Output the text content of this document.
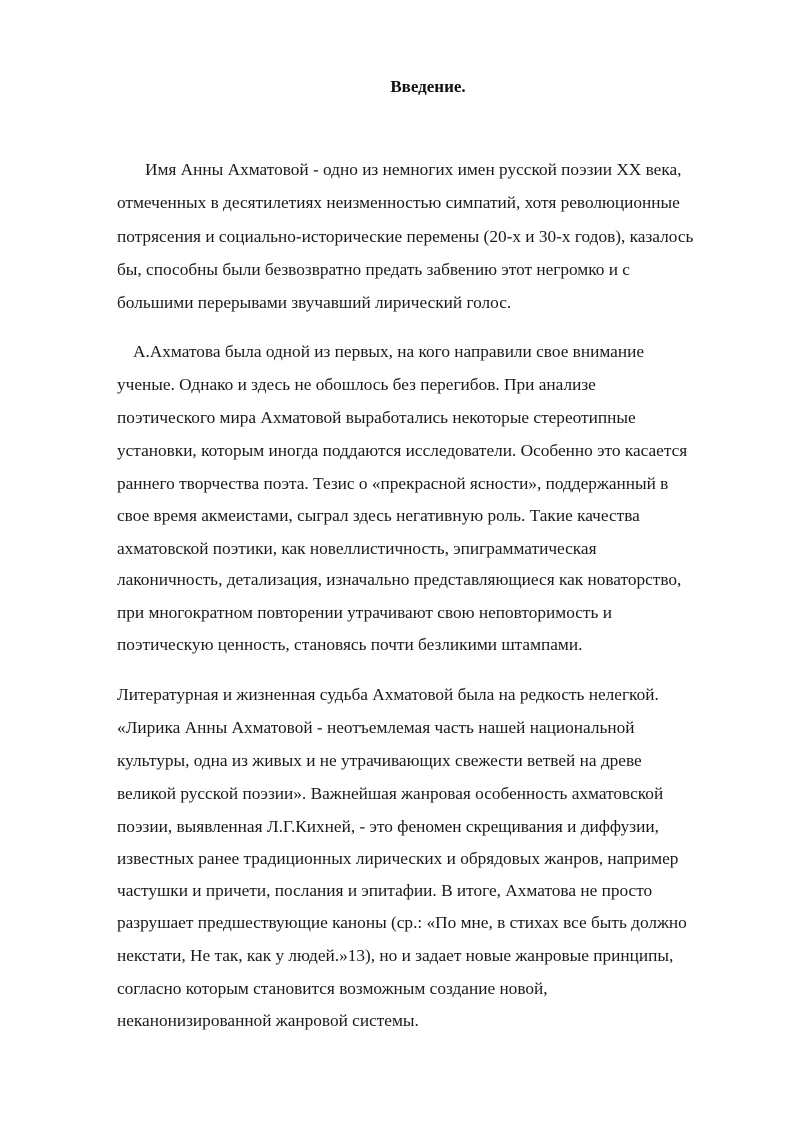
Введение.
Имя Анны Ахматовой - одно из немногих имен русской поэзии XX века,
отмеченных в десятилетиях неизменностью симпатий, хотя революционные
потрясения и социально-исторические перемены (20-х и 30-х годов), казалось
бы, способны были безвозвратно предать забвению этот негромко и с
большими перерывами звучавший лирический голос.
А.Ахматова была одной из первых, на кого направили свое внимание
ученые. Однако и здесь не обошлось без перегибов. При анализе
поэтического мира Ахматовой выработались некоторые стереотипные
установки, которым иногда поддаются исследователи. Особенно это касается
раннего творчества поэта. Тезис о «прекрасной ясности», поддержанный в
свое время акмеистами, сыграл здесь негативную роль. Такие качества
ахматовской поэтики, как новеллистичность, эпиграмматическая
лаконичность, детализация, изначально представляющиеся как новаторство,
при многократном повторении утрачивают свою неповторимость и
поэтическую ценность, становясь почти безликими штампами.
Литературная и жизненная судьба Ахматовой была на редкость нелегкой.
«Лирика Анны Ахматовой - неотъемлемая часть нашей национальной
культуры, одна из живых и не утрачивающих свежести ветвей на древе
великой русской поэзии». Важнейшая жанровая особенность ахматовской
поэзии, выявленная Л.Г.Кихней, - это феномен скрещивания и диффузии,
известных ранее традиционных лирических и обрядовых жанров, например
частушки и причети, послания и эпитафии. В итоге, Ахматова не просто
разрушает предшествующие каноны (ср.: «По мне, в стихах все быть должно
некстати, Не так, как у людей.»13), но и задает новые жанровые принципы,
согласно которым становится возможным создание новой,
неканонизированной жанровой системы.
